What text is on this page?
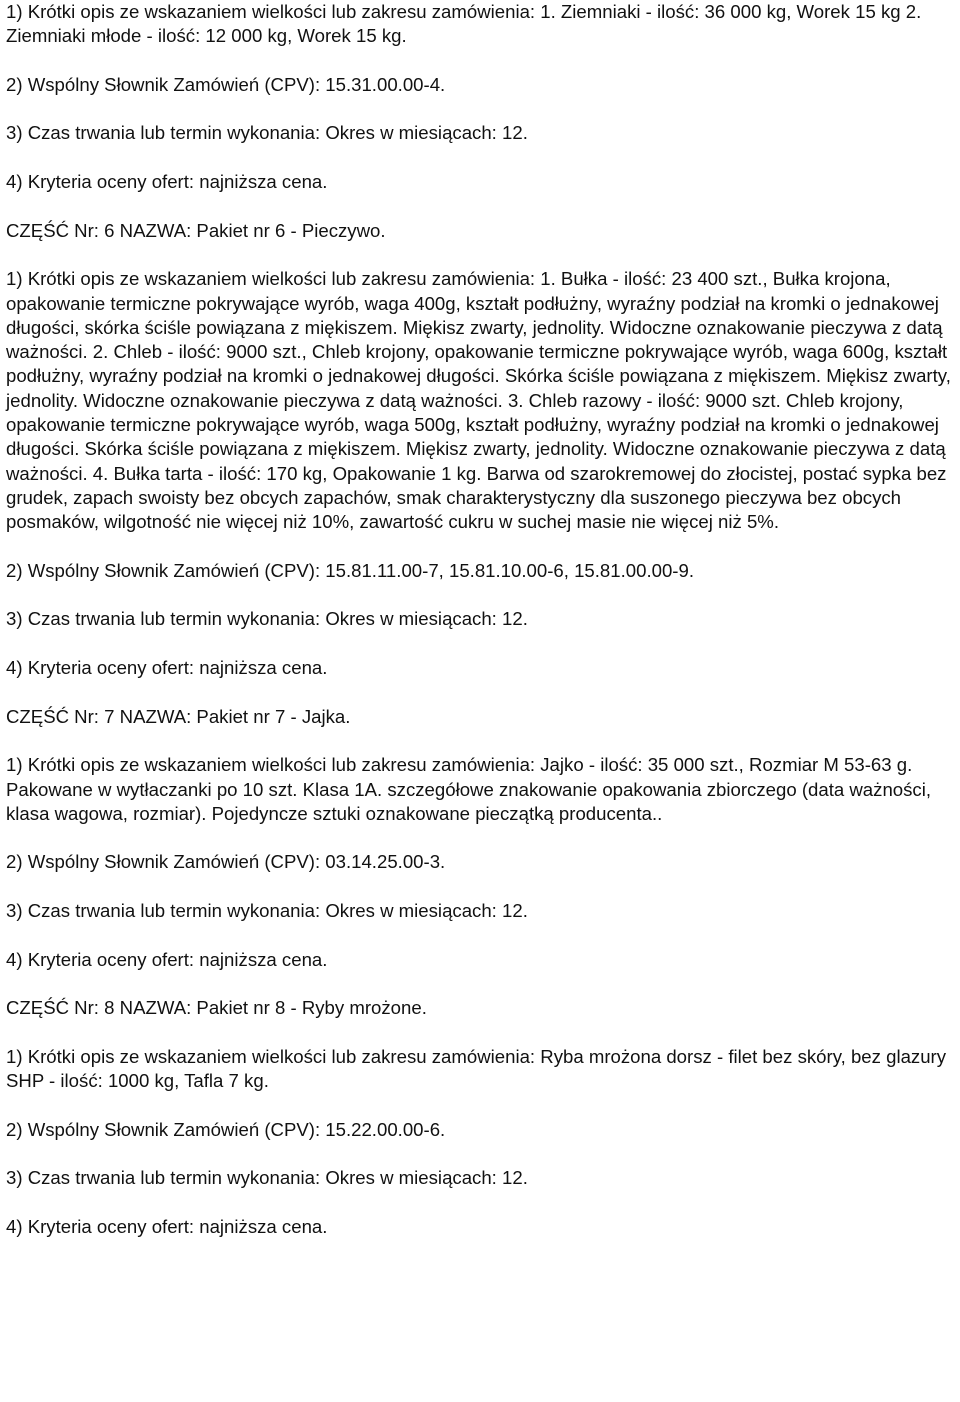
1) Krótki opis ze wskazaniem wielkości lub zakresu zamówienia: 1. Ziemniaki - ilość: 36 000 kg, Worek 15 kg 2. Ziemniaki młode - ilość: 12 000 kg, Worek 15 kg.

2) Wspólny Słownik Zamówień (CPV): 15.31.00.00-4.

3) Czas trwania lub termin wykonania: Okres w miesiącach: 12.

4) Kryteria oceny ofert: najniższa cena.

CZĘŚĆ Nr: 6 NAZWA: Pakiet nr 6 - Pieczywo.

1) Krótki opis ze wskazaniem wielkości lub zakresu zamówienia: 1. Bułka - ilość: 23 400 szt., Bułka krojona, opakowanie termiczne pokrywające wyrób, waga 400g, kształt podłużny, wyraźny podział na kromki o jednakowej długości, skórka ściśle powiązana z miękiszem. Miękisz zwarty, jednolity. Widoczne oznakowanie pieczywa z datą ważności. 2. Chleb - ilość: 9000 szt., Chleb krojony, opakowanie termiczne pokrywające wyrób, waga 600g, kształt podłużny, wyraźny podział na kromki o jednakowej długości. Skórka ściśle powiązana z miękiszem. Miękisz zwarty, jednolity. Widoczne oznakowanie pieczywa z datą ważności. 3. Chleb razowy - ilość: 9000 szt. Chleb krojony, opakowanie termiczne pokrywające wyrób, waga 500g, kształt podłużny, wyraźny podział na kromki o jednakowej długości. Skórka ściśle powiązana z miękiszem. Miękisz zwarty, jednolity. Widoczne oznakowanie pieczywa z datą ważności. 4. Bułka tarta - ilość: 170 kg, Opakowanie 1 kg. Barwa od szarokremowej do złocistej, postać sypka bez grudek, zapach swoisty bez obcych zapachów, smak charakterystyczny dla suszonego pieczywa bez obcych posmaków, wilgotność nie więcej niż 10%, zawartość cukru w suchej masie nie więcej niż 5%.

2) Wspólny Słownik Zamówień (CPV): 15.81.11.00-7, 15.81.10.00-6, 15.81.00.00-9.

3) Czas trwania lub termin wykonania: Okres w miesiącach: 12.

4) Kryteria oceny ofert: najniższa cena.

CZĘŚĆ Nr: 7 NAZWA: Pakiet nr 7 - Jajka.

1) Krótki opis ze wskazaniem wielkości lub zakresu zamówienia: Jajko - ilość: 35 000 szt., Rozmiar M 53-63 g. Pakowane w wytłaczanki po 10 szt. Klasa 1A. szczegółowe znakowanie opakowania zbiorczego (data ważności, klasa wagowa, rozmiar). Pojedyncze sztuki oznakowane pieczątką producenta..

2) Wspólny Słownik Zamówień (CPV): 03.14.25.00-3.

3) Czas trwania lub termin wykonania: Okres w miesiącach: 12.

4) Kryteria oceny ofert: najniższa cena.

CZĘŚĆ Nr: 8 NAZWA: Pakiet nr 8 - Ryby mrożone.

1) Krótki opis ze wskazaniem wielkości lub zakresu zamówienia: Ryba mrożona dorsz - filet bez skóry, bez glazury SHP - ilość: 1000 kg, Tafla 7 kg.

2) Wspólny Słownik Zamówień (CPV): 15.22.00.00-6.

3) Czas trwania lub termin wykonania: Okres w miesiącach: 12.

4) Kryteria oceny ofert: najniższa cena.
